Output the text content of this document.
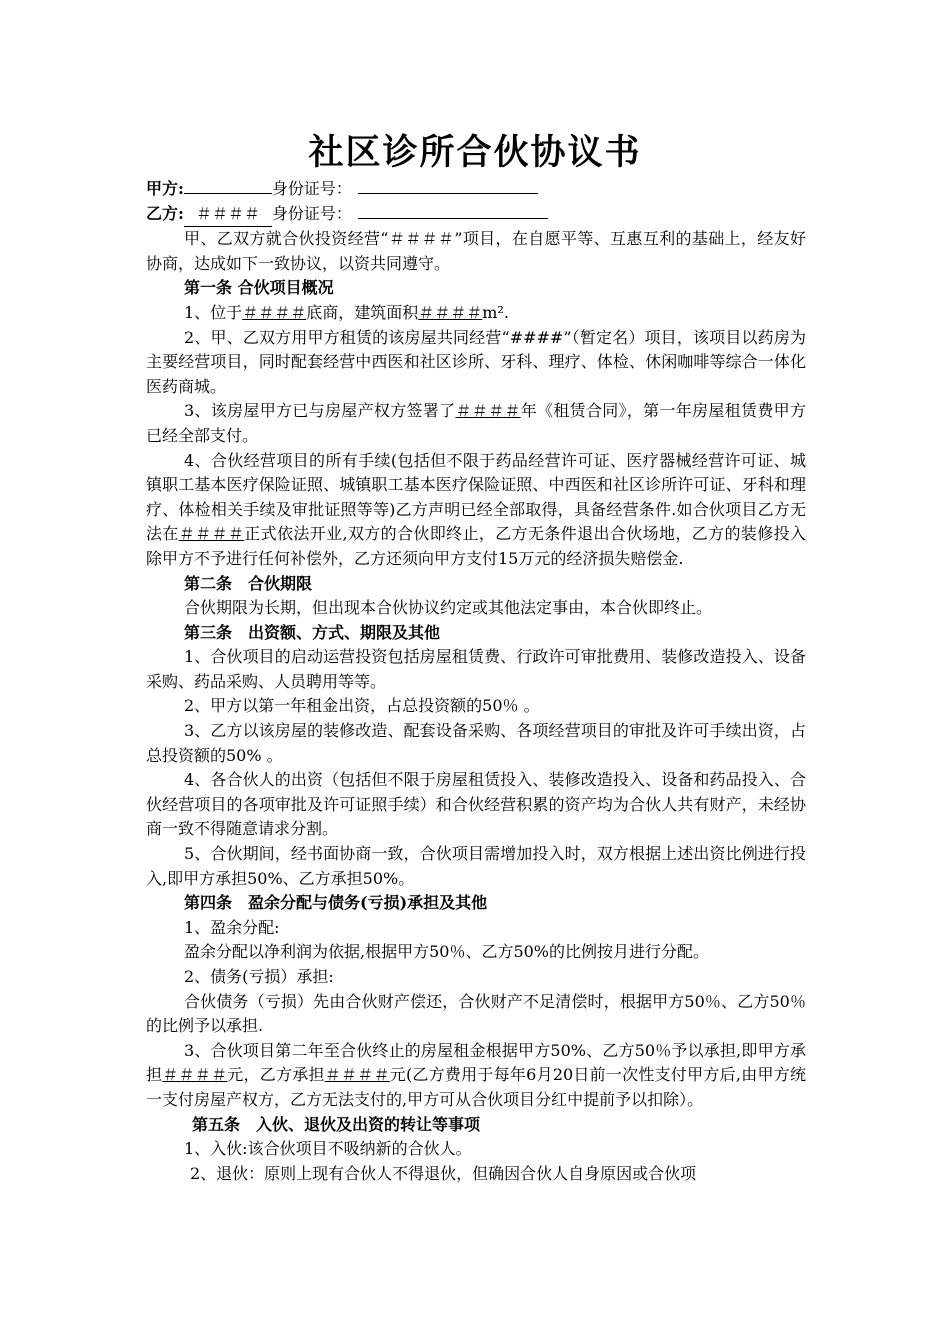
社区诊所合伙协议书

甲方:	身份证号：

乙方: ＃＃＃＃ 身份证号：

甲、乙双方就合伙投资经营“＃＃＃＃”项目，在自愿平等、互惠互利的基础上，经友好协商，达成如下一致协议，以资共同遵守。

第一条 合伙项目概况

1、位于＃＃＃＃底商，建筑面积＃＃＃＃m².

2、甲、乙双方用甲方租赁的该房屋共同经营“####”（暂定名）项目，该项目以药房为主要经营项目，同时配套经营中西医和社区诊所、牙科、理疗、体检、休闲咖啡等综合一体化医药商城。

3、该房屋甲方已与房屋产权方签署了＃＃＃＃年《租赁合同》，第一年房屋租赁费甲方已经全部支付。

4、合伙经营项目的所有手续(包括但不限于药品经营许可证、医疗器械经营许可证、城镇职工基本医疗保险证照、城镇职工基本医疗保险证照、中西医和社区诊所许可证、牙科和理疗、体检相关手续及审批证照等等)乙方声明已经全部取得，具备经营条件.如合伙项目乙方无法在＃＃＃＃正式依法开业,双方的合伙即终止，乙方无条件退出合伙场地，乙方的装修投入除甲方不予进行任何补偿外，乙方还须向甲方支付15万元的经济损失赔偿金.

第二条　合伙期限

合伙期限为长期，但出现本合伙协议约定或其他法定事由，本合伙即终止。

第三条　出资额、方式、期限及其他

1、合伙项目的启动运营投资包括房屋租赁费、行政许可审批费用、装修改造投入、设备采购、药品采购、人员聘用等等。

2、甲方以第一年租金出资，占总投资额的50％ 。

3、乙方以该房屋的装修改造、配套设备采购、各项经营项目的审批及许可手续出资，占总投资额的50% 。

4、各合伙人的出资（包括但不限于房屋租赁投入、装修改造投入、设备和药品投入、合伙经营项目的各项审批及许可证照手续）和合伙经营积累的资产均为合伙人共有财产，未经协商一致不得随意请求分割。

5、合伙期间，经书面协商一致，合伙项目需增加投入时，双方根据上述出资比例进行投入,即甲方承担50%、乙方承担50%。

第四条　盈余分配与债务(亏损)承担及其他

1、盈余分配:

盈余分配以净利润为依据,根据甲方50％、乙方50%的比例按月进行分配。

2、债务(亏损）承担:

合伙债务（亏损）先由合伙财产偿还，合伙财产不足清偿时，根据甲方50％、乙方50％的比例予以承担.

3、合伙项目第二年至合伙终止的房屋租金根据甲方50%、乙方50％予以承担,即甲方承担＃＃＃＃元，乙方承担＃＃＃＃元(乙方费用于每年6月20日前一次性支付甲方后,由甲方统一支付房屋产权方，乙方无法支付的,甲方可从合伙项目分红中提前予以扣除）。

第五条　入伙、退伙及出资的转让等事项

1、入伙:该合伙项目不吸纳新的合伙人。

2、退伙：原则上现有合伙人不得退伙，但确因合伙人自身原因或合伙项
